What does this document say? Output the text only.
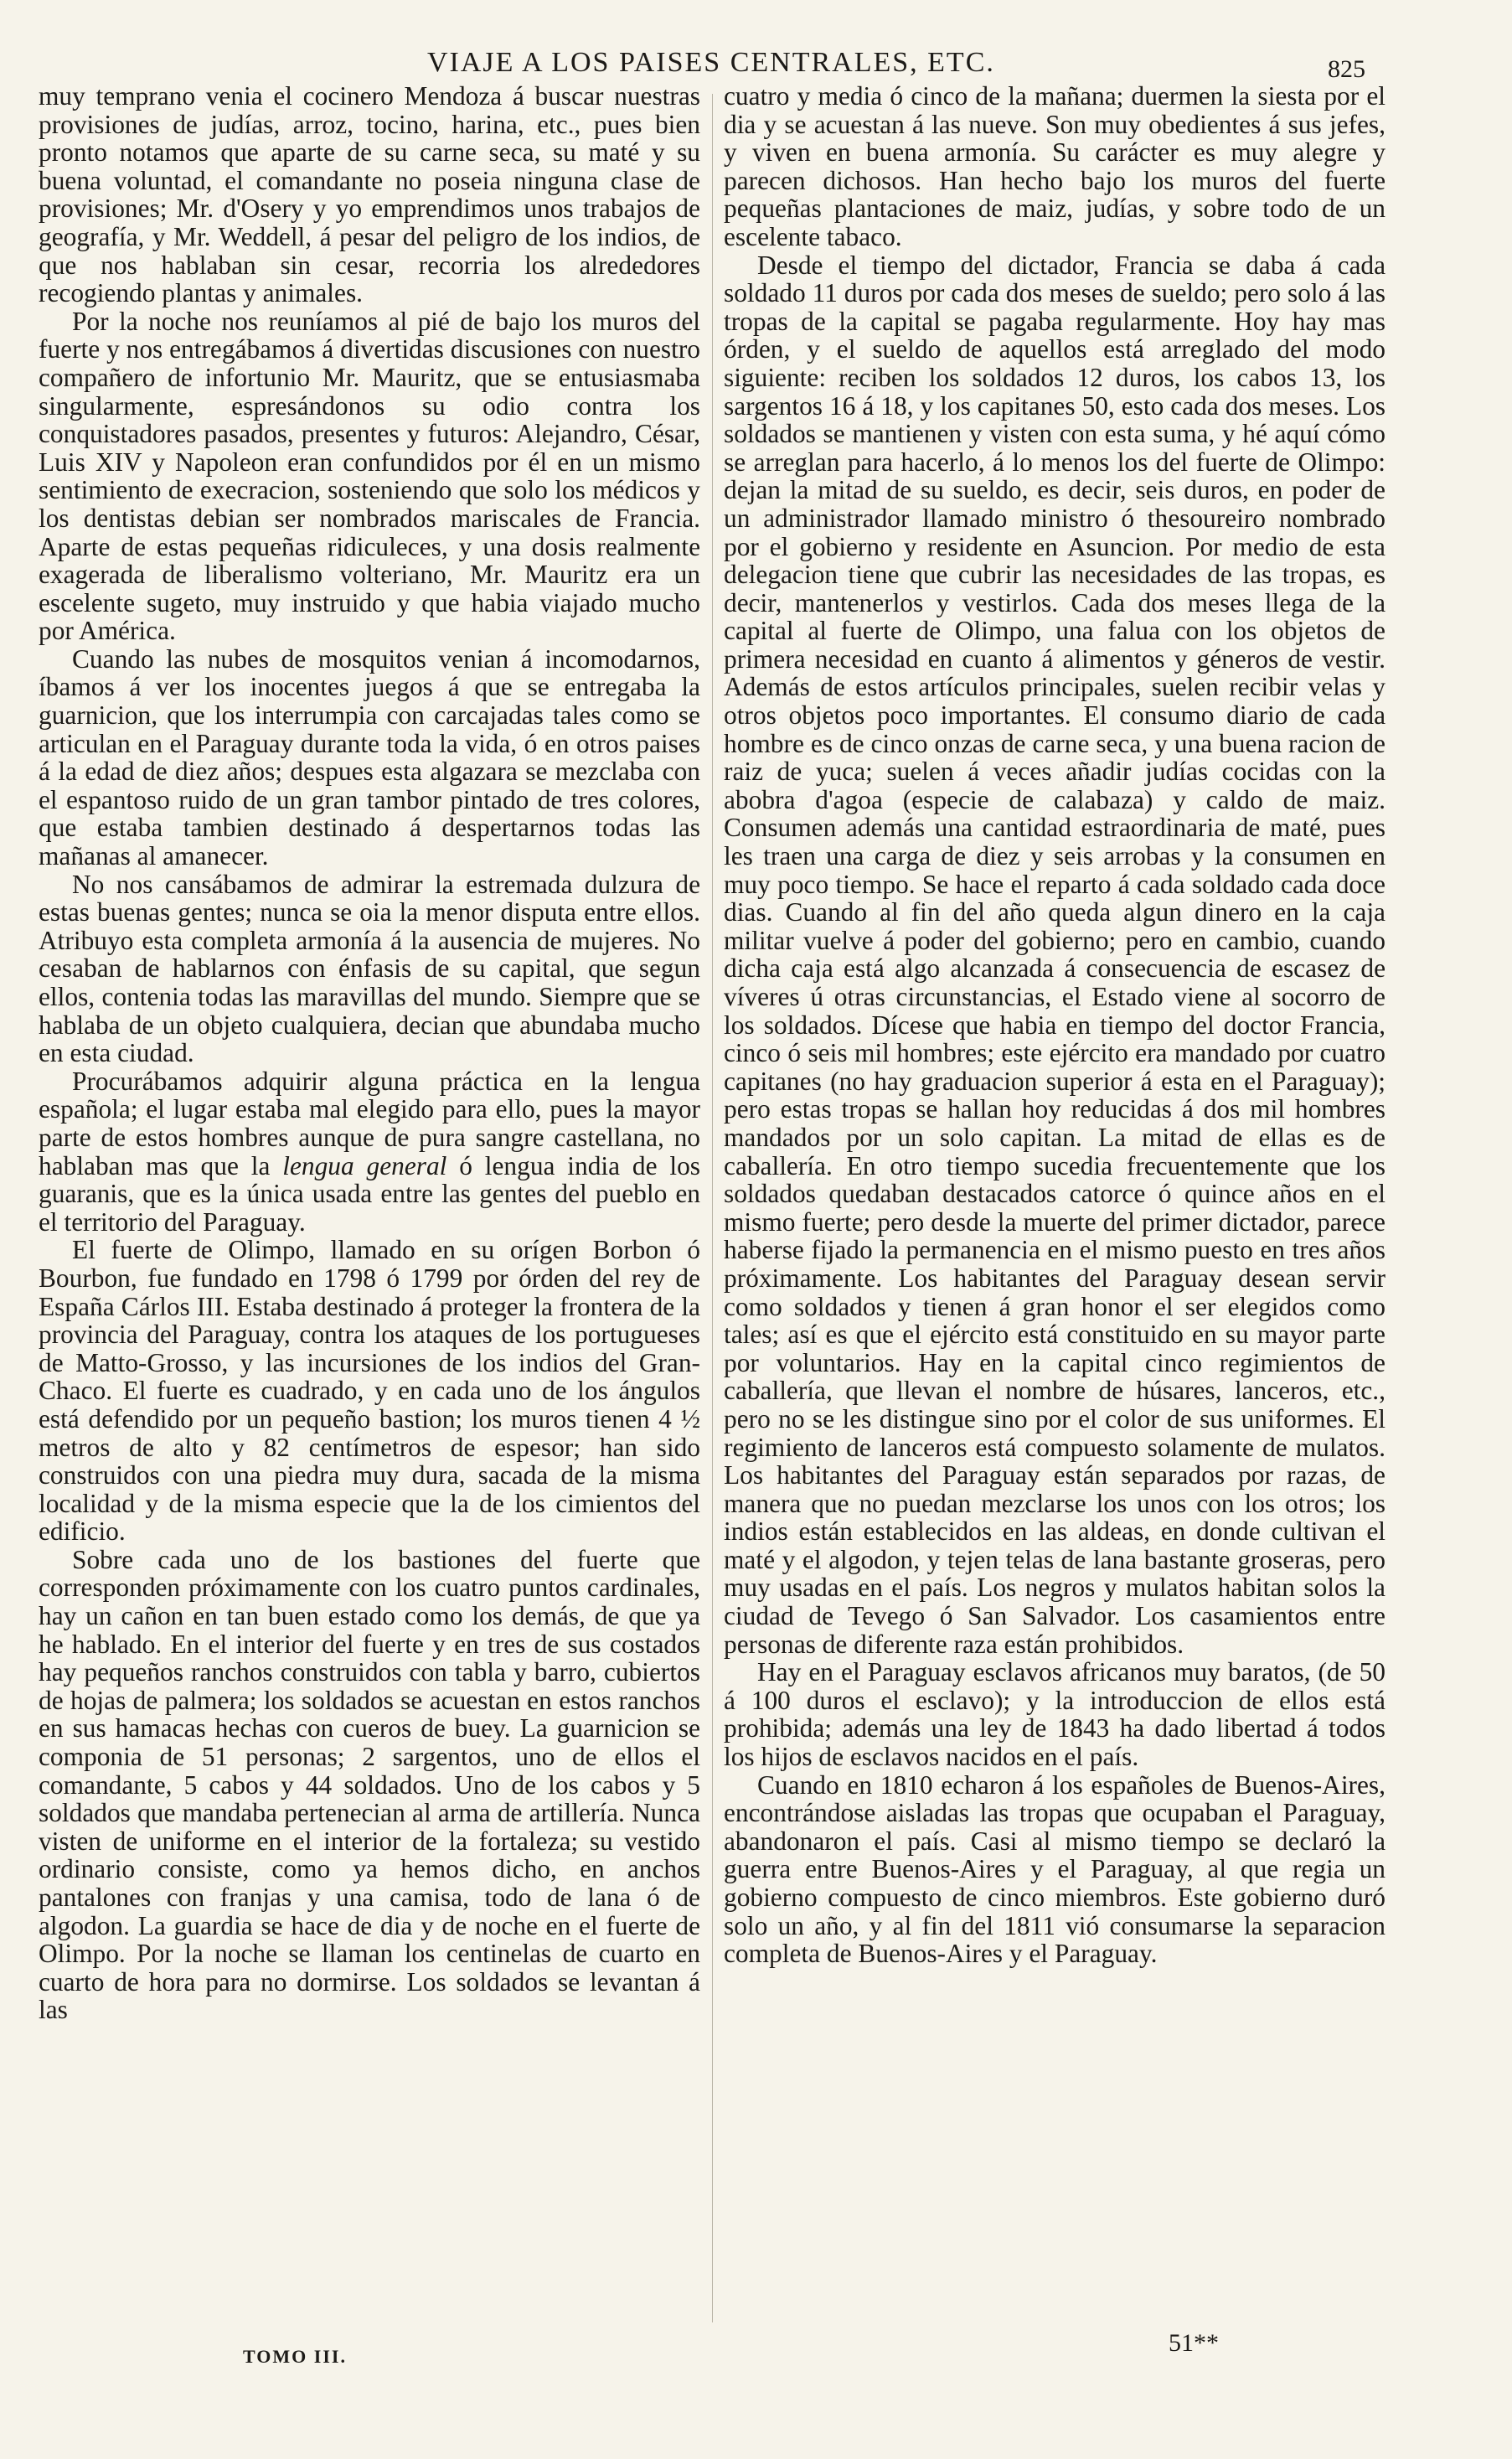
VIAJE A LOS PAISES CENTRALES, ETC.	825

muy temprano venia el cocinero Mendoza á buscar nuestras provisiones de judías, arroz, tocino, harina, etc., pues bien pronto notamos que aparte de su carne seca, su maté y su buena voluntad, el comandante no poseia ninguna clase de provisiones; Mr. d'Osery y yo emprendimos unos trabajos de geografía, y Mr. Weddell, á pesar del peligro de los indios, de que nos hablaban sin cesar, recorria los alrededores recogiendo plantas y animales.

Por la noche nos reuníamos al pié de bajo los muros del fuerte y nos entregábamos á divertidas discusiones con nuestro compañero de infortunio Mr. Mauritz, que se entusiasmaba singularmente, espresándonos su odio contra los conquistadores pasados, presentes y futuros: Alejandro, César, Luis XIV y Napoleon eran confundidos por él en un mismo sentimiento de execracion, sosteniendo que solo los médicos y los dentistas debian ser nombrados mariscales de Francia. Aparte de estas pequeñas ridiculeces, y una dosis realmente exagerada de liberalismo volteriano, Mr. Mauritz era un escelente sugeto, muy instruido y que habia viajado mucho por América.

Cuando las nubes de mosquitos venian á incomodarnos, íbamos á ver los inocentes juegos á que se entregaba la guarnicion, que los interrumpia con carcajadas tales como se articulan en el Paraguay durante toda la vida, ó en otros paises á la edad de diez años; despues esta algazara se mezclaba con el espantoso ruido de un gran tambor pintado de tres colores, que estaba tambien destinado á despertarnos todas las mañanas al amanecer.

No nos cansábamos de admirar la estremada dulzura de estas buenas gentes; nunca se oia la menor disputa entre ellos. Atribuyo esta completa armonía á la ausencia de mujeres. No cesaban de hablarnos con énfasis de su capital, que segun ellos, contenia todas las maravillas del mundo. Siempre que se hablaba de un objeto cualquiera, decian que abundaba mucho en esta ciudad.

Procurábamos adquirir alguna práctica en la lengua española; el lugar estaba mal elegido para ello, pues la mayor parte de estos hombres aunque de pura sangre castellana, no hablaban mas que la lengua general ó lengua india de los guaranis, que es la única usada entre las gentes del pueblo en el territorio del Paraguay.

El fuerte de Olimpo, llamado en su orígen Borbon ó Bourbon, fue fundado en 1798 ó 1799 por órden del rey de España Cárlos III. Estaba destinado á proteger la frontera de la provincia del Paraguay, contra los ataques de los portugueses de Matto-Grosso, y las incursiones de los indios del Gran-Chaco. El fuerte es cuadrado, y en cada uno de los ángulos está defendido por un pequeño bastion; los muros tienen 4 ½ metros de alto y 82 centímetros de espesor; han sido construidos con una piedra muy dura, sacada de la misma localidad y de la misma especie que la de los cimientos del edificio.

Sobre cada uno de los bastiones del fuerte que corresponden próximamente con los cuatro puntos cardinales, hay un cañon en tan buen estado como los demás, de que ya he hablado. En el interior del fuerte y en tres de sus costados hay pequeños ranchos construidos con tabla y barro, cubiertos de hojas de palmera; los soldados se acuestan en estos ranchos en sus hamacas hechas con cueros de buey. La guarnicion se componia de 51 personas; 2 sargentos, uno de ellos el comandante, 5 cabos y 44 soldados. Uno de los cabos y 5 soldados que mandaba pertenecian al arma de artillería. Nunca visten de uniforme en el interior de la fortaleza; su vestido ordinario consiste, como ya hemos dicho, en anchos pantalones con franjas y una camisa, todo de lana ó de algodon. La guardia se hace de dia y de noche en el fuerte de Olimpo. Por la noche se llaman los centinelas de cuarto en cuarto de hora para no dormirse. Los soldados se levantan á las

cuatro y media ó cinco de la mañana; duermen la siesta por el dia y se acuestan á las nueve. Son muy obedientes á sus jefes, y viven en buena armonía. Su carácter es muy alegre y parecen dichosos. Han hecho bajo los muros del fuerte pequeñas plantaciones de maiz, judías, y sobre todo de un escelente tabaco.

Desde el tiempo del dictador, Francia se daba á cada soldado 11 duros por cada dos meses de sueldo; pero solo á las tropas de la capital se pagaba regularmente. Hoy hay mas órden, y el sueldo de aquellos está arreglado del modo siguiente: reciben los soldados 12 duros, los cabos 13, los sargentos 16 á 18, y los capitanes 50, esto cada dos meses. Los soldados se mantienen y visten con esta suma, y hé aquí cómo se arreglan para hacerlo, á lo menos los del fuerte de Olimpo: dejan la mitad de su sueldo, es decir, seis duros, en poder de un administrador llamado ministro ó thesoureiro nombrado por el gobierno y residente en Asuncion. Por medio de esta delegacion tiene que cubrir las necesidades de las tropas, es decir, mantenerlos y vestirlos. Cada dos meses llega de la capital al fuerte de Olimpo, una falua con los objetos de primera necesidad en cuanto á alimentos y géneros de vestir. Además de estos artículos principales, suelen recibir velas y otros objetos poco importantes. El consumo diario de cada hombre es de cinco onzas de carne seca, y una buena racion de raiz de yuca; suelen á veces añadir judías cocidas con la abobra d'agoa (especie de calabaza) y caldo de maiz. Consumen además una cantidad estraordinaria de maté, pues les traen una carga de diez y seis arrobas y la consumen en muy poco tiempo. Se hace el reparto á cada soldado cada doce dias. Cuando al fin del año queda algun dinero en la caja militar vuelve á poder del gobierno; pero en cambio, cuando dicha caja está algo alcanzada á consecuencia de escasez de víveres ú otras circunstancias, el Estado viene al socorro de los soldados. Dícese que habia en tiempo del doctor Francia, cinco ó seis mil hombres; este ejército era mandado por cuatro capitanes (no hay graduacion superior á esta en el Paraguay); pero estas tropas se hallan hoy reducidas á dos mil hombres mandados por un solo capitan. La mitad de ellas es de caballería. En otro tiempo sucedia frecuentemente que los soldados quedaban destacados catorce ó quince años en el mismo fuerte; pero desde la muerte del primer dictador, parece haberse fijado la permanencia en el mismo puesto en tres años próximamente. Los habitantes del Paraguay desean servir como soldados y tienen á gran honor el ser elegidos como tales; así es que el ejército está constituido en su mayor parte por voluntarios. Hay en la capital cinco regimientos de caballería, que llevan el nombre de húsares, lanceros, etc., pero no se les distingue sino por el color de sus uniformes. El regimiento de lanceros está compuesto solamente de mulatos. Los habitantes del Paraguay están separados por razas, de manera que no puedan mezclarse los unos con los otros; los indios están establecidos en las aldeas, en donde cultivan el maté y el algodon, y tejen telas de lana bastante groseras, pero muy usadas en el país. Los negros y mulatos habitan solos la ciudad de Tevego ó San Salvador. Los casamientos entre personas de diferente raza están prohibidos.

Hay en el Paraguay esclavos africanos muy baratos, (de 50 á 100 duros el esclavo); y la introduccion de ellos está prohibida; además una ley de 1843 ha dado libertad á todos los hijos de esclavos nacidos en el país.

Cuando en 1810 echaron á los españoles de Buenos-Aires, encontrándose aisladas las tropas que ocupaban el Paraguay, abandonaron el país. Casi al mismo tiempo se declaró la guerra entre Buenos-Aires y el Paraguay, al que regia un gobierno compuesto de cinco miembros. Este gobierno duró solo un año, y al fin del 1811 vió consumarse la separacion completa de Buenos-Aires y el Paraguay.

TOMO III.	51**
